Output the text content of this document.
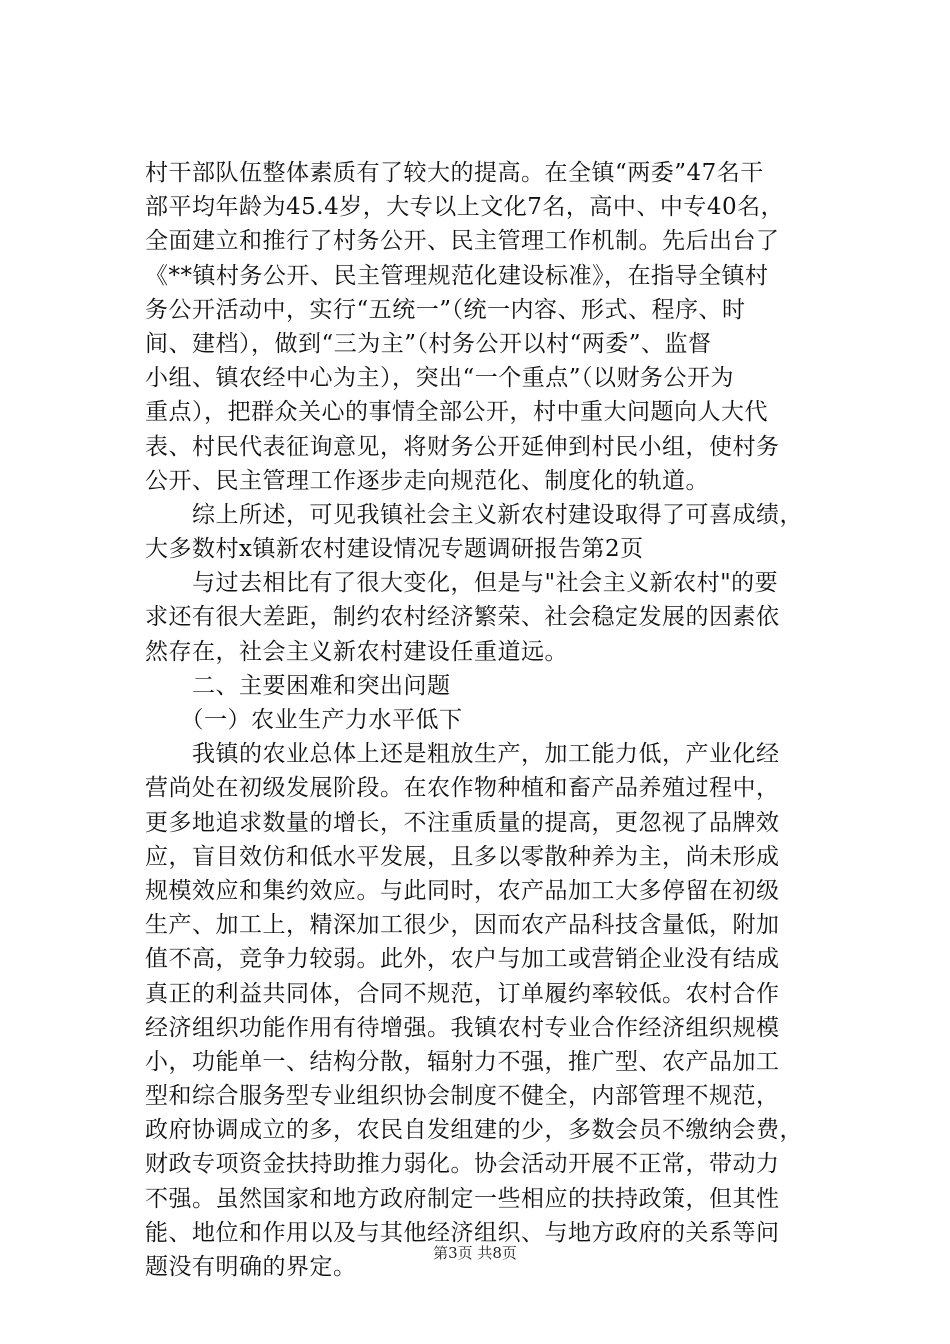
村干部队伍整体素质有了较大的提高。在全镇“两委”47名干
部平均年龄为45.4岁，大专以上文化7名，高中、中专40名，
全面建立和推行了村务公开、民主管理工作机制。先后出台了
《**镇村务公开、民主管理规范化建设标准》，在指导全镇村
务公开活动中，实行“五统一”（统一内容、形式、程序、时
间、建档），做到“三为主”（村务公开以村“两委”、监督
小组、镇农经中心为主），突出“一个重点”（以财务公开为
重点），把群众关心的事情全部公开，村中重大问题向人大代
表、村民代表征询意见，将财务公开延伸到村民小组，使村务
公开、民主管理工作逐步走向规范化、制度化的轨道。
　　综上所述，可见我镇社会主义新农村建设取得了可喜成绩，
大多数村x镇新农村建设情况专题调研报告第2页
　　与过去相比有了很大变化，但是与"社会主义新农村"的要
求还有很大差距，制约农村经济繁荣、社会稳定发展的因素依
然存在，社会主义新农村建设任重道远。
　　二、主要困难和突出问题
　　（一）农业生产力水平低下
　　我镇的农业总体上还是粗放生产，加工能力低，产业化经
营尚处在初级发展阶段。在农作物种植和畜产品养殖过程中，
更多地追求数量的增长，不注重质量的提高，更忽视了品牌效
应，盲目效仿和低水平发展，且多以零散种养为主，尚未形成
规模效应和集约效应。与此同时，农产品加工大多停留在初级
生产、加工上，精深加工很少，因而农产品科技含量低，附加
值不高，竞争力较弱。此外，农户与加工或营销企业没有结成
真正的利益共同体，合同不规范，订单履约率较低。农村合作
经济组织功能作用有待增强。我镇农村专业合作经济组织规模
小，功能单一、结构分散，辐射力不强，推广型、农产品加工
型和综合服务型专业组织协会制度不健全，内部管理不规范，
政府协调成立的多，农民自发组建的少，多数会员不缴纳会费，
财政专项资金扶持助推力弱化。协会活动开展不正常，带动力
不强。虽然国家和地方政府制定一些相应的扶持政策，但其性
能、地位和作用以及与其他经济组织、与地方政府的关系等问
题没有明确的界定。
第3页 共8页
